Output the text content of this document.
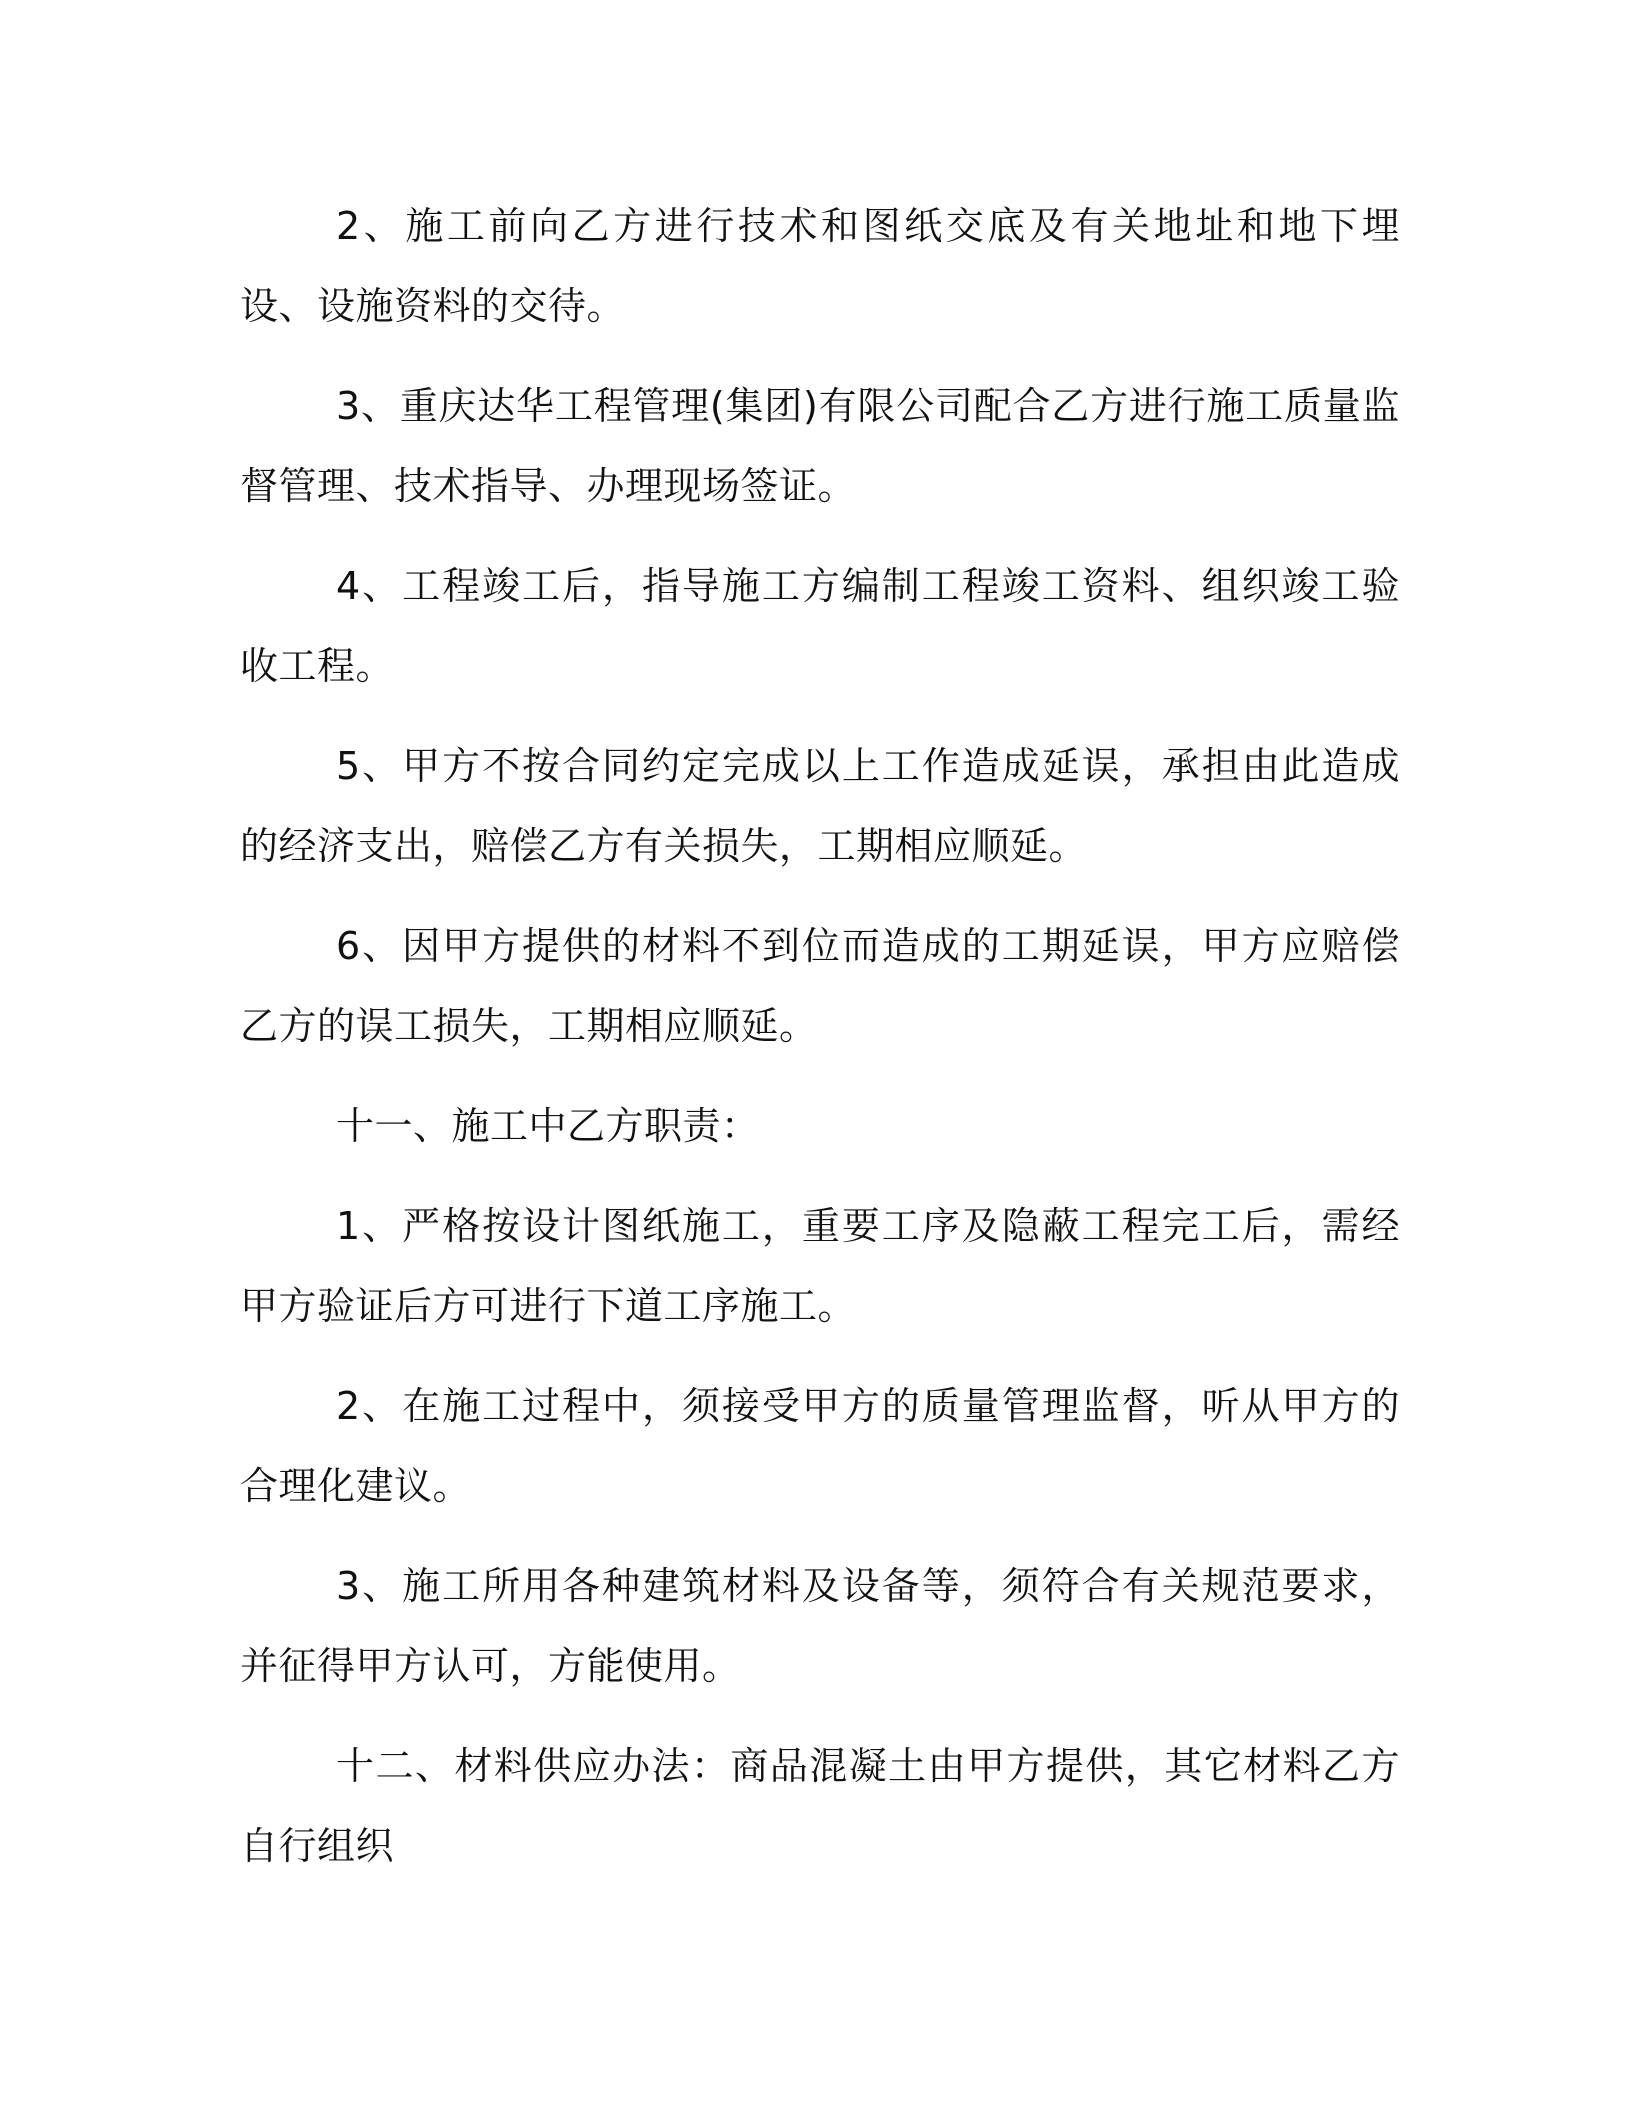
2、施工前向乙方进行技术和图纸交底及有关地址和地下埋设、设施资料的交待。

3、重庆达华工程管理(集团)有限公司配合乙方进行施工质量监督管理、技术指导、办理现场签证。

4、工程竣工后，指导施工方编制工程竣工资料、组织竣工验收工程。

5、甲方不按合同约定完成以上工作造成延误，承担由此造成的经济支出，赔偿乙方有关损失，工期相应顺延。

6、因甲方提供的材料不到位而造成的工期延误，甲方应赔偿乙方的误工损失，工期相应顺延。

十一、施工中乙方职责：

1、严格按设计图纸施工，重要工序及隐蔽工程完工后，需经甲方验证后方可进行下道工序施工。

2、在施工过程中，须接受甲方的质量管理监督，听从甲方的合理化建议。

3、施工所用各种建筑材料及设备等，须符合有关规范要求，并征得甲方认可，方能使用。

十二、材料供应办法：商品混凝土由甲方提供，其它材料乙方自行组织
